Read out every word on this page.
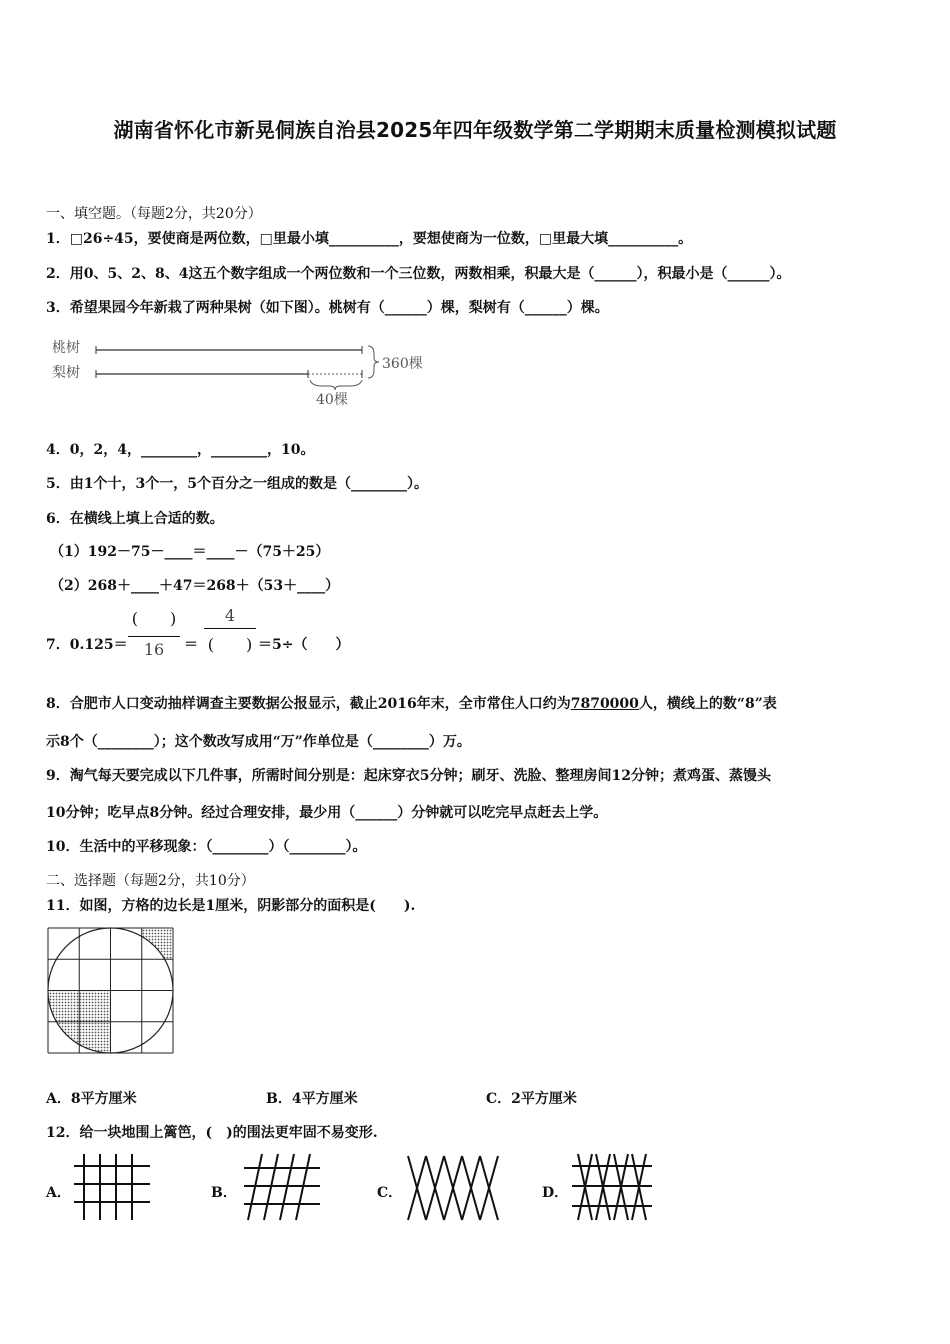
湖南省怀化市新晃侗族自治县2025年四年级数学第二学期期末质量检测模拟试题
一、填空题。（每题2分，共20分）
1．□26÷45，要使商是两位数，□里最小填__________，要想使商为一位数，□里最大填__________。
2．用0、5、2、8、4这五个数字组成一个两位数和一个三位数，两数相乘，积最大是（______），积最小是（______）。
3．希望果园今年新栽了两种果树（如下图）。桃树有（______）棵，梨树有（______）棵。
桃树
梨树
360棵
40棵
4．0，2，4，________，________，10。
5．由1个十，3个一，5个百分之一组成的数是（________）。
6．在横线上填上合适的数。
（1）192－75－____＝____－（75＋25）
（2）268＋____＋47＝268＋（53＋____）
7．0.125＝
(　　)
16	＝
4
(　　) ＝5÷（　　）
8．合肥市人口变动抽样调查主要数据公报显示，截止2016年末，全市常住人口约为7870000人，横线上的数“8”表
示8个（________）；这个数改写成用“万”作单位是（________）万。
9．淘气每天要完成以下几件事，所需时间分别是：起床穿衣5分钟；刷牙、洗脸、整理房间12分钟；煮鸡蛋、蒸馒头
10分钟；吃早点8分钟。经过合理安排，最少用（______）分钟就可以吃完早点赶去上学。
10．生活中的平移现象：（________）（________）。
二、选择题（每题2分，共10分）
11．如图，方格的边长是1厘米，阴影部分的面积是(　　).
A．8平方厘米	B．4平方厘米	C．2平方厘米
12．给一块地围上篱笆，(　)的围法更牢固不易变形.
A．	B．	C．	D．
